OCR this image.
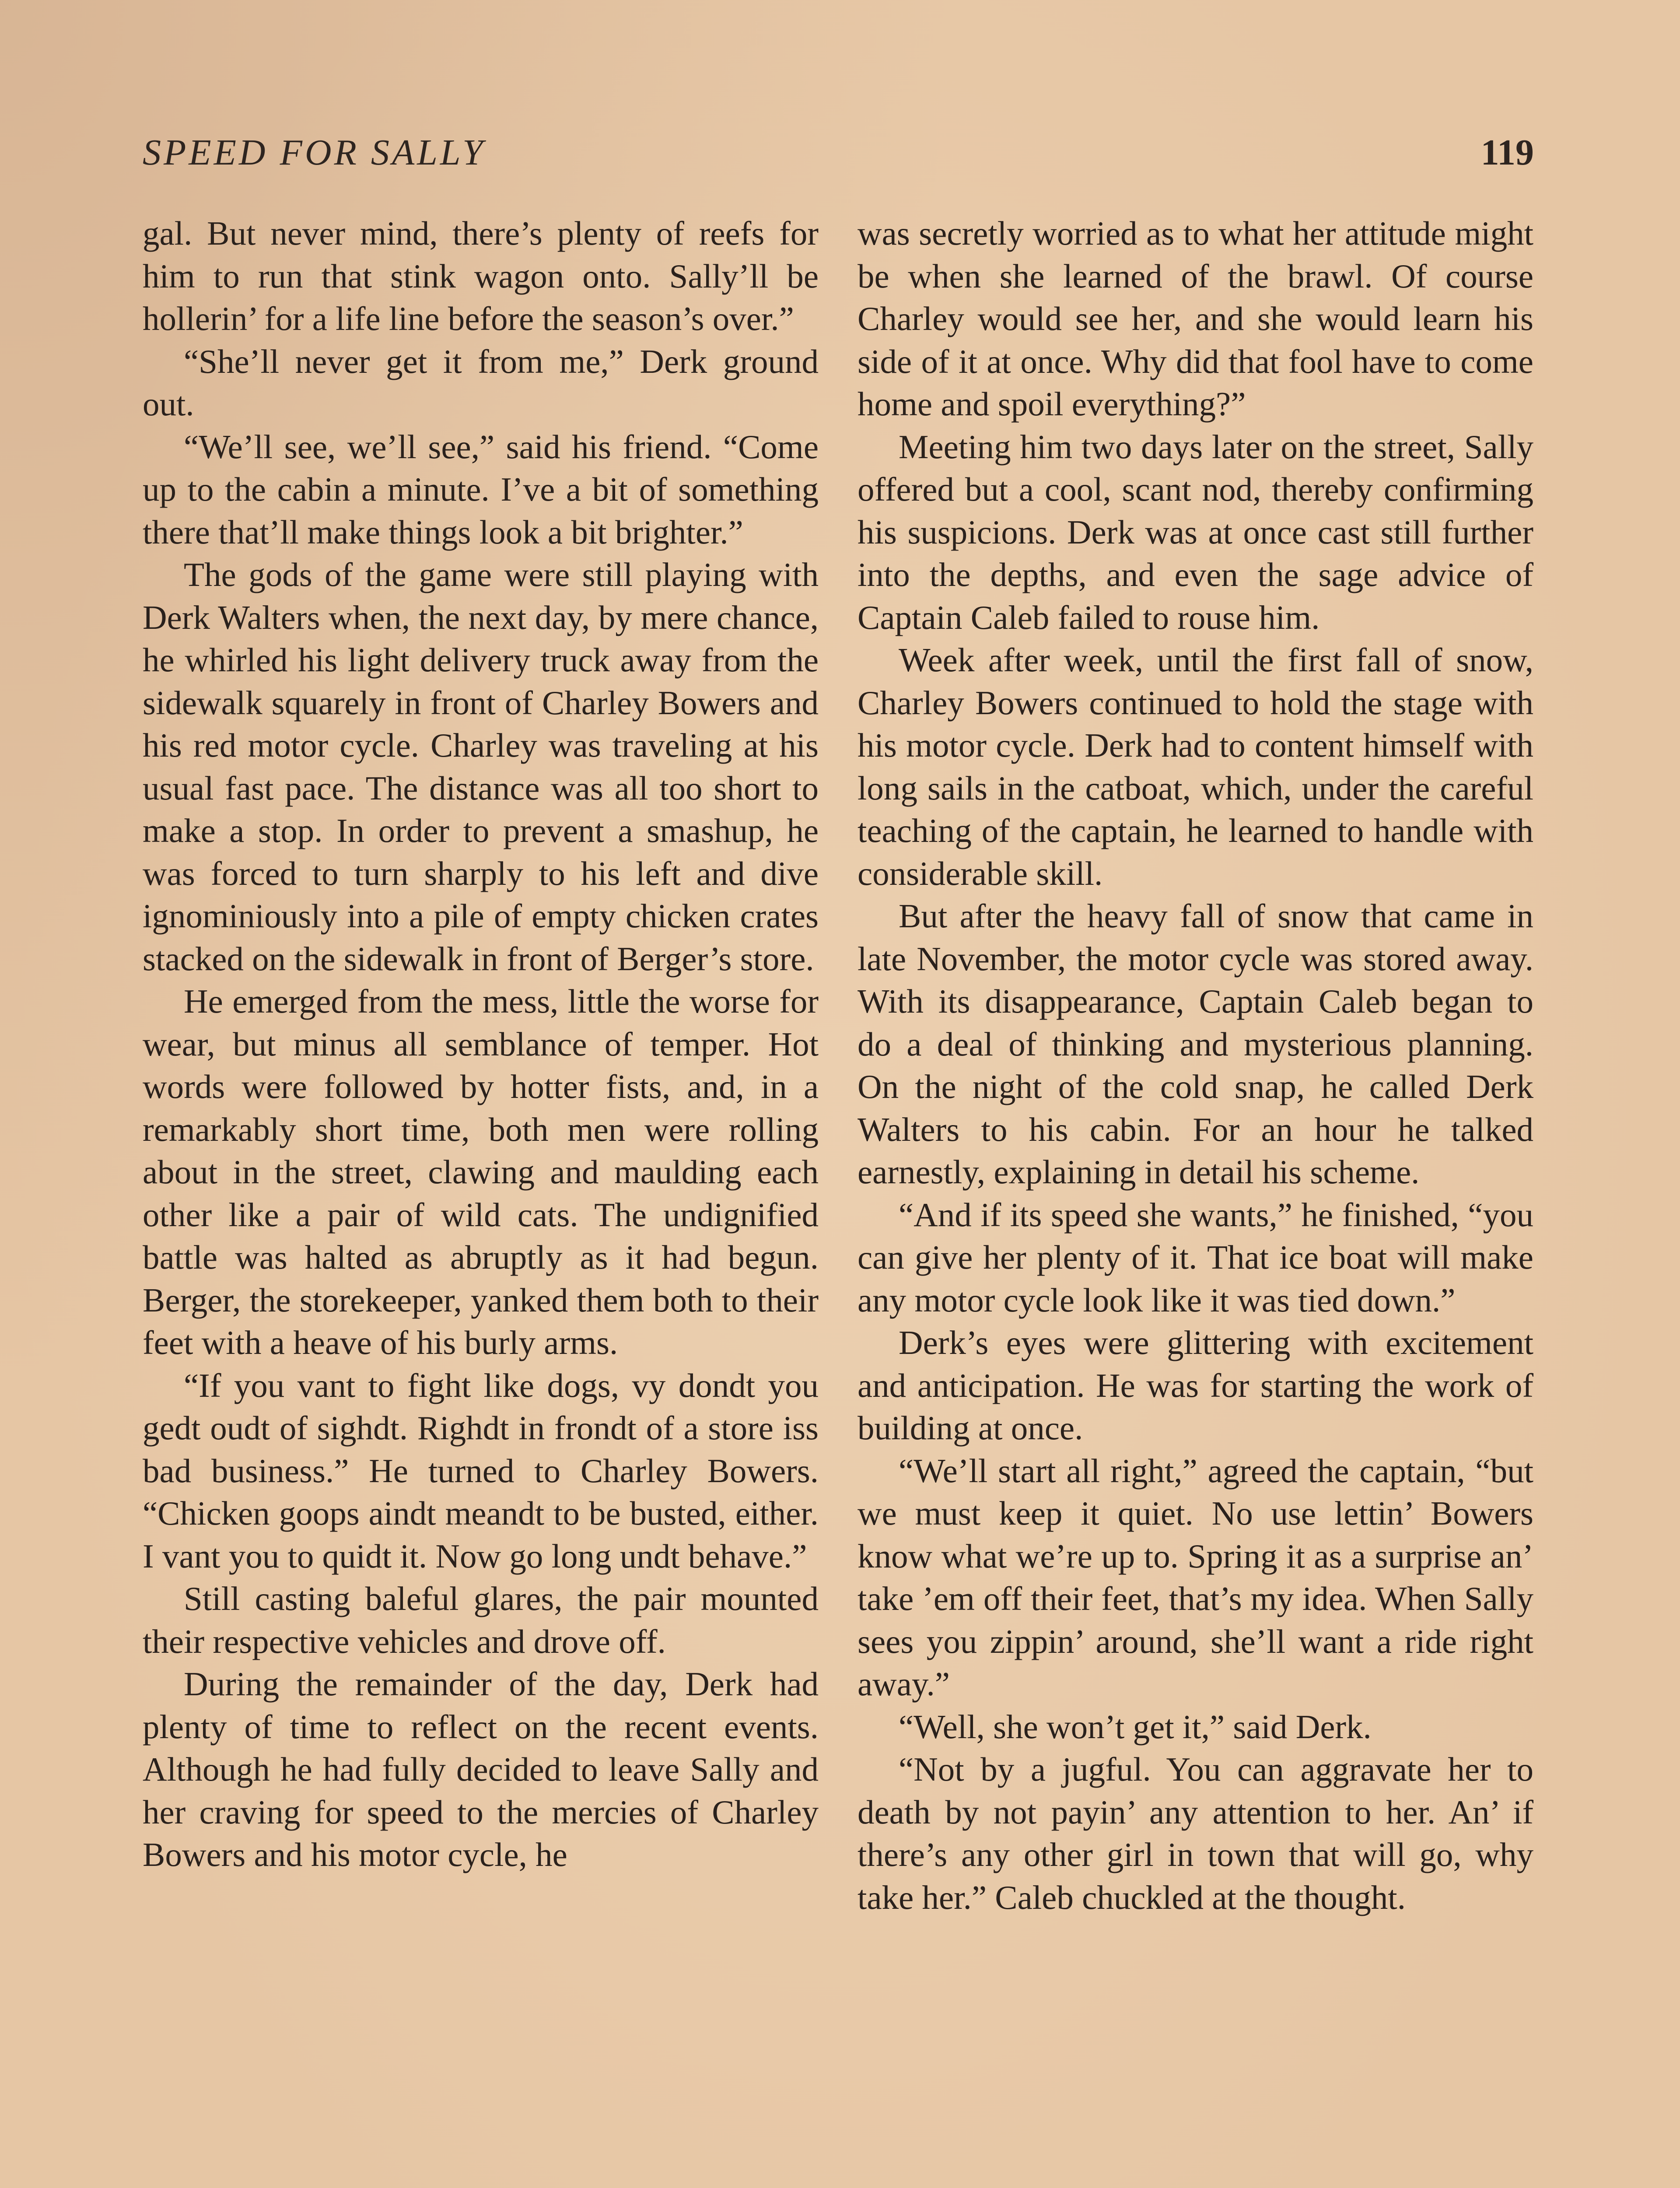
SPEED FOR SALLY	119

gal. But never mind, there’s plenty of reefs for him to run that stink wagon onto. Sally’ll be hollerin’ for a life line before the season’s over.”

“She’ll never get it from me,” Derk ground out.

“We’ll see, we’ll see,” said his friend. “Come up to the cabin a minute. I’ve a bit of something there that’ll make things look a bit brighter.”

The gods of the game were still playing with Derk Walters when, the next day, by mere chance, he whirled his light delivery truck away from the sidewalk squarely in front of Charley Bowers and his red motor cycle. Charley was traveling at his usual fast pace. The distance was all too short to make a stop. In order to prevent a smashup, he was forced to turn sharply to his left and dive ignominiously into a pile of empty chicken crates stacked on the sidewalk in front of Berger’s store.

He emerged from the mess, little the worse for wear, but minus all semblance of temper. Hot words were followed by hotter fists, and, in a remarkably short time, both men were rolling about in the street, clawing and maulding each other like a pair of wild cats. The undignified battle was halted as abruptly as it had begun. Berger, the storekeeper, yanked them both to their feet with a heave of his burly arms.

“If you vant to fight like dogs, vy dondt you gedt oudt of sighdt. Righdt in frondt of a store iss bad business.” He turned to Charley Bowers. “Chicken goops aindt meandt to be busted, either. I vant you to quidt it. Now go long undt behave.”

Still casting baleful glares, the pair mounted their respective vehicles and drove off.

During the remainder of the day, Derk had plenty of time to reflect on the recent events. Although he had fully decided to leave Sally and her craving for speed to the mercies of Charley Bowers and his motor cycle, he

was secretly worried as to what her attitude might be when she learned of the brawl. Of course Charley would see her, and she would learn his side of it at once. Why did that fool have to come home and spoil everything?”

Meeting him two days later on the street, Sally offered but a cool, scant nod, thereby confirming his suspicions. Derk was at once cast still further into the depths, and even the sage advice of Captain Caleb failed to rouse him.

Week after week, until the first fall of snow, Charley Bowers continued to hold the stage with his motor cycle. Derk had to content himself with long sails in the catboat, which, under the careful teaching of the captain, he learned to handle with considerable skill.

But after the heavy fall of snow that came in late November, the motor cycle was stored away. With its disappearance, Captain Caleb began to do a deal of thinking and mysterious planning. On the night of the cold snap, he called Derk Walters to his cabin. For an hour he talked earnestly, explaining in detail his scheme.

“And if its speed she wants,” he finished, “you can give her plenty of it. That ice boat will make any motor cycle look like it was tied down.”

Derk’s eyes were glittering with excitement and anticipation. He was for starting the work of building at once.

“We’ll start all right,” agreed the captain, “but we must keep it quiet. No use lettin’ Bowers know what we’re up to. Spring it as a surprise an’ take ’em off their feet, that’s my idea. When Sally sees you zippin’ around, she’ll want a ride right away.”

“Well, she won’t get it,” said Derk.

“Not by a jugful. You can aggravate her to death by not payin’ any attention to her. An’ if there’s any other girl in town that will go, why take her.” Caleb chuckled at the thought.
